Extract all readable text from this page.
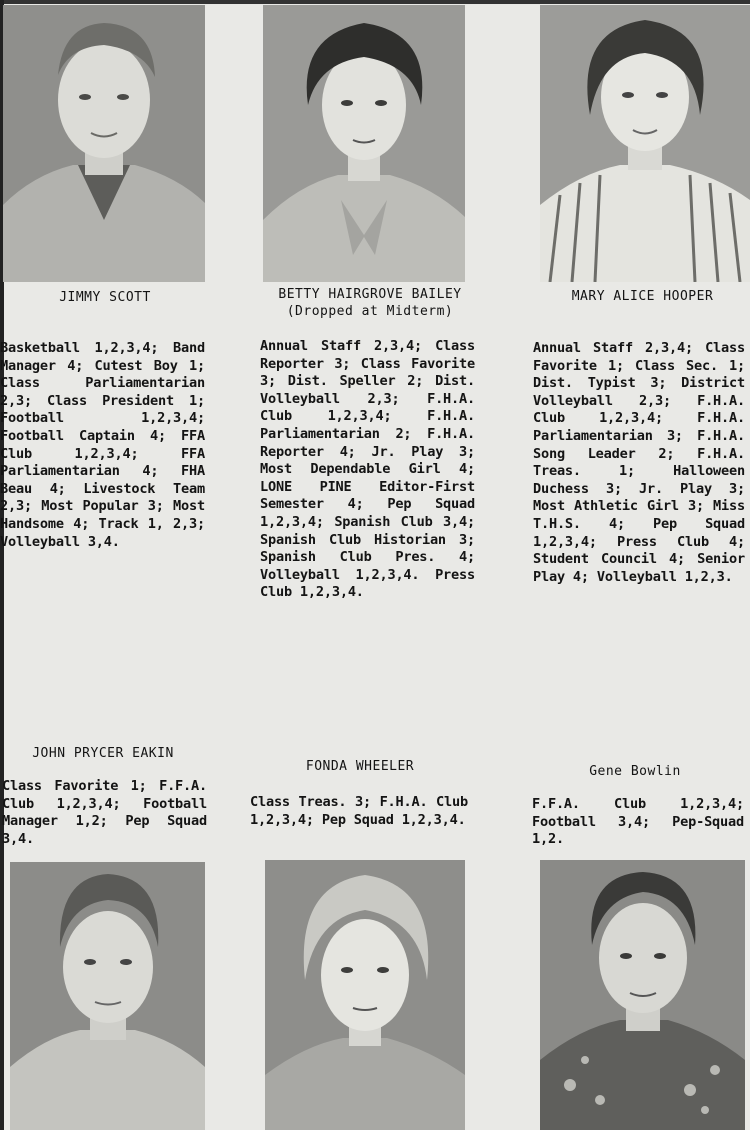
JIMMY SCOTT	BETTY HAIRGROVE BAILEY
(Dropped at Midterm)
MARY ALICE HOOPER
Basketball 1,2,3,4; Band Manager 4; Cutest Boy 1; Class Parliamentarian 2,3; Class President 1; Football 1,2,3,4; Football Captain 4; FFA Club 1,2,3,4; FFA Parliamentarian 4; FHA Beau 4; Livestock Team 2,3; Most Popular 3; Most Handsome 4; Track 1, 2,3; Volleyball 3,4.
Annual Staff 2,3,4; Class Reporter 3; Class Favorite 3; Dist. Speller 2; Dist. Volleyball 2,3; F.H.A. Club 1,2,3,4; F.H.A. Parliamentarian 2; F.H.A. Reporter 4; Jr. Play 3; Most Dependable Girl 4; LONE PINE Editor-First Semester 4; Pep Squad 1,2,3,4; Spanish Club 3,4; Spanish Club Historian 3; Spanish Club Pres. 4; Volleyball 1,2,3,4. Press Club 1,2,3,4.
Annual Staff 2,3,4; Class Favorite 1; Class Sec. 1; Dist. Typist 3; District Volleyball 2,3; F.H.A. Club 1,2,3,4; F.H.A. Parliamentarian 3; F.H.A. Song Leader 2; F.H.A. Treas. 1; Halloween Duchess 3; Jr. Play 3; Most Athletic Girl 3; Miss T.H.S. 4; Pep Squad 1,2,3,4; Press Club 4; Student Council 4; Senior Play 4; Volleyball 1,2,3.
JOHN PRYCER EAKIN
FONDA WHEELER	Gene Bowlin
Class Favorite 1; F.F.A. Club 1,2,3,4; Football Manager 1,2; Pep Squad 3,4.
Class Treas. 3; F.H.A. Club 1,2,3,4; Pep Squad 1,2,3,4.
F.F.A. Club 1,2,3,4; Football 3,4; Pep-Squad 1,2.
